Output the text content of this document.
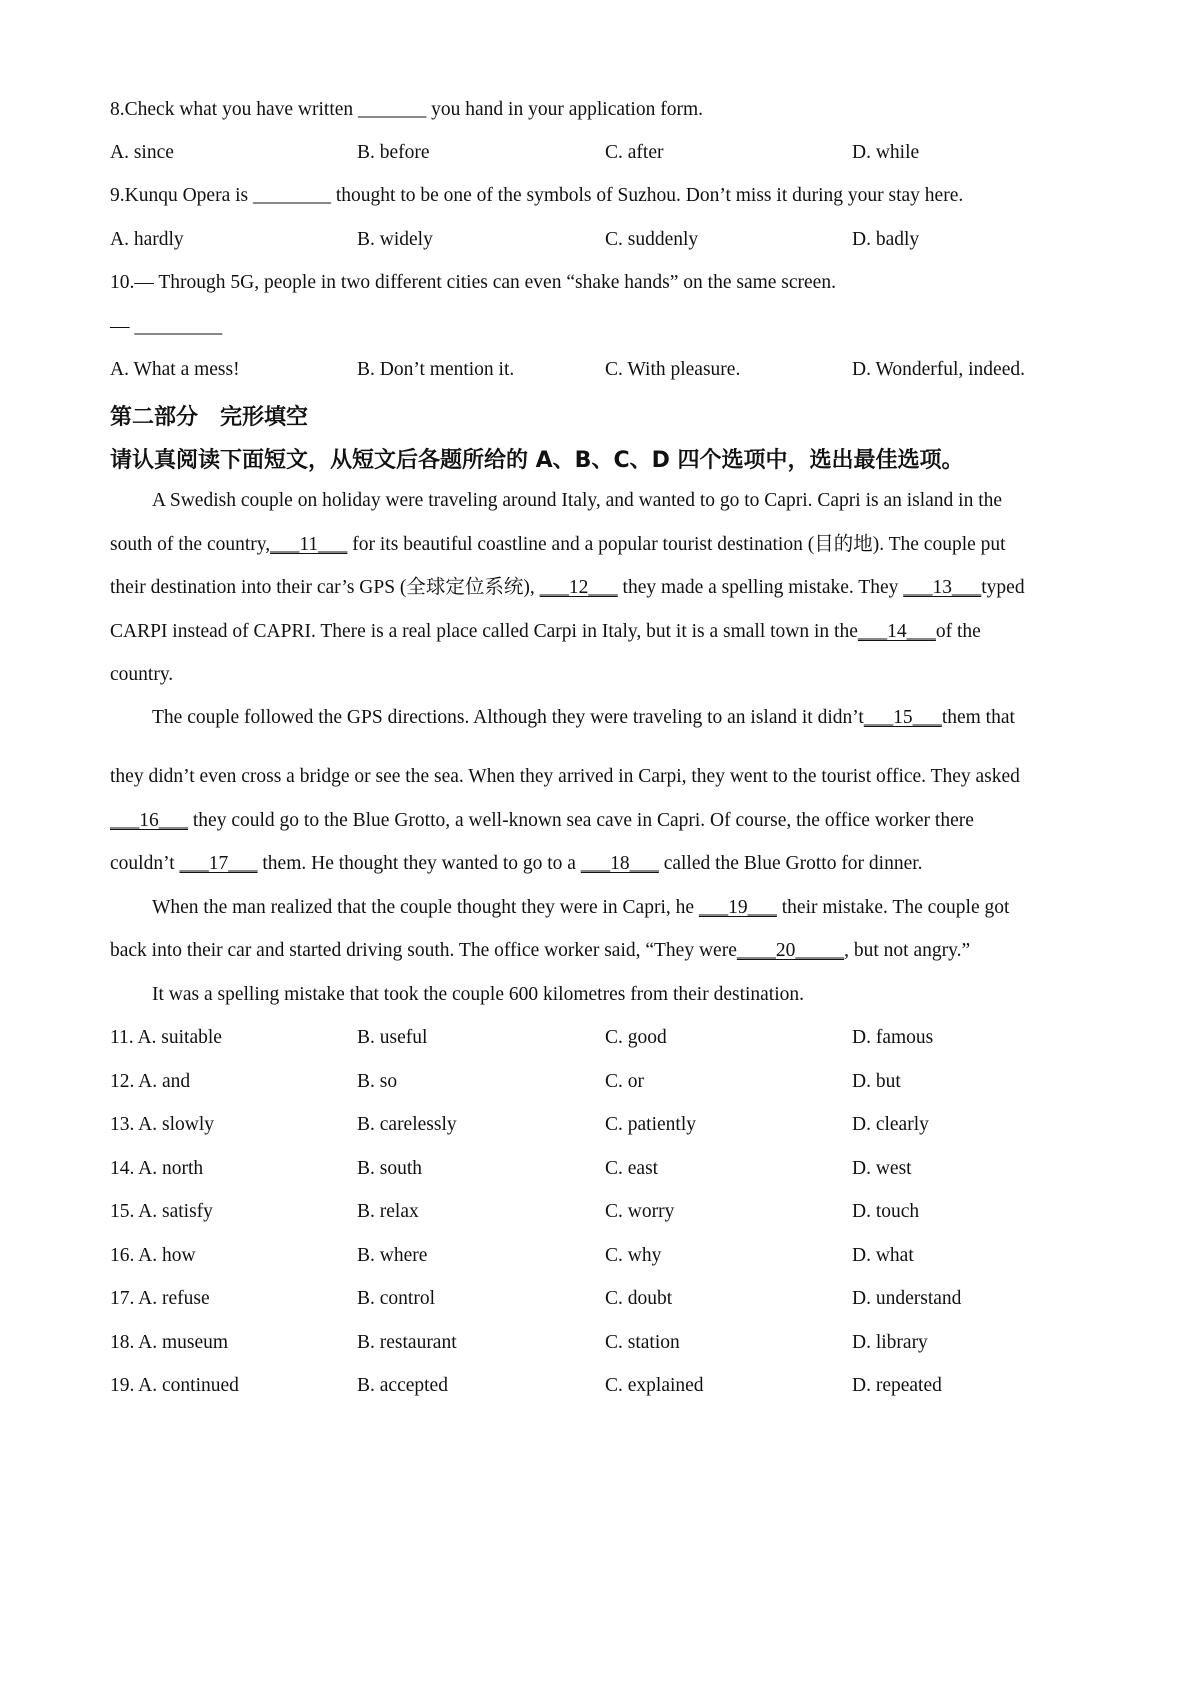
8.Check what you have written _______ you hand in your application form.
A. since	B. before	C. after	D. while
9.Kunqu Opera is ________ thought to be one of the symbols of Suzhou. Don’t miss it during your stay here.
A. hardly	B. widely	C. suddenly	D. badly
10.— Through 5G, people in two different cities can even “shake hands” on the same screen.
— _________
A. What a mess!	B. Don’t mention it.	C. With pleasure.	D. Wonderful, indeed.
第二部分　完形填空
请认真阅读下面短文，从短文后各题所给的 A、B、C、D 四个选项中，选出最佳选项。
A Swedish couple on holiday were traveling around Italy, and wanted to go to Capri. Capri is an island in the
south of the country,___11___ for its beautiful coastline and a popular tourist destination (目的地). The couple put
their destination into their car’s GPS (全球定位系统), ___12___ they made a spelling mistake. They ___13___typed
CARPI instead of CAPRI. There is a real place called Carpi in Italy, but it is a small town in the___14___of the
country.
The couple followed the GPS directions. Although they were traveling to an island it didn’t___15___them that
they didn’t even cross a bridge or see the sea. When they arrived in Carpi, they went to the tourist office. They asked
___16___ they could go to the Blue Grotto, a well-known sea cave in Capri. Of course, the office worker there
couldn’t ___17___ them. He thought they wanted to go to a ___18___ called the Blue Grotto for dinner.
When the man realized that the couple thought they were in Capri, he ___19___ their mistake. The couple got
back into their car and started driving south. The office worker said, “They were____20_____, but not angry.”
It was a spelling mistake that took the couple 600 kilometres from their destination.
11. A. suitable	B. useful	C. good	D. famous
12. A. and	B. so	C. or	D. but
13. A. slowly	B. carelessly	C. patiently	D. clearly
14. A. north	B. south	C. east	D. west
15. A. satisfy	B. relax	C. worry	D. touch
16. A. how	B. where	C. why	D. what
17. A. refuse	B. control	C. doubt	D. understand
18. A. museum	B. restaurant	C. station	D. library
19. A. continued	B. accepted	C. explained	D. repeated
